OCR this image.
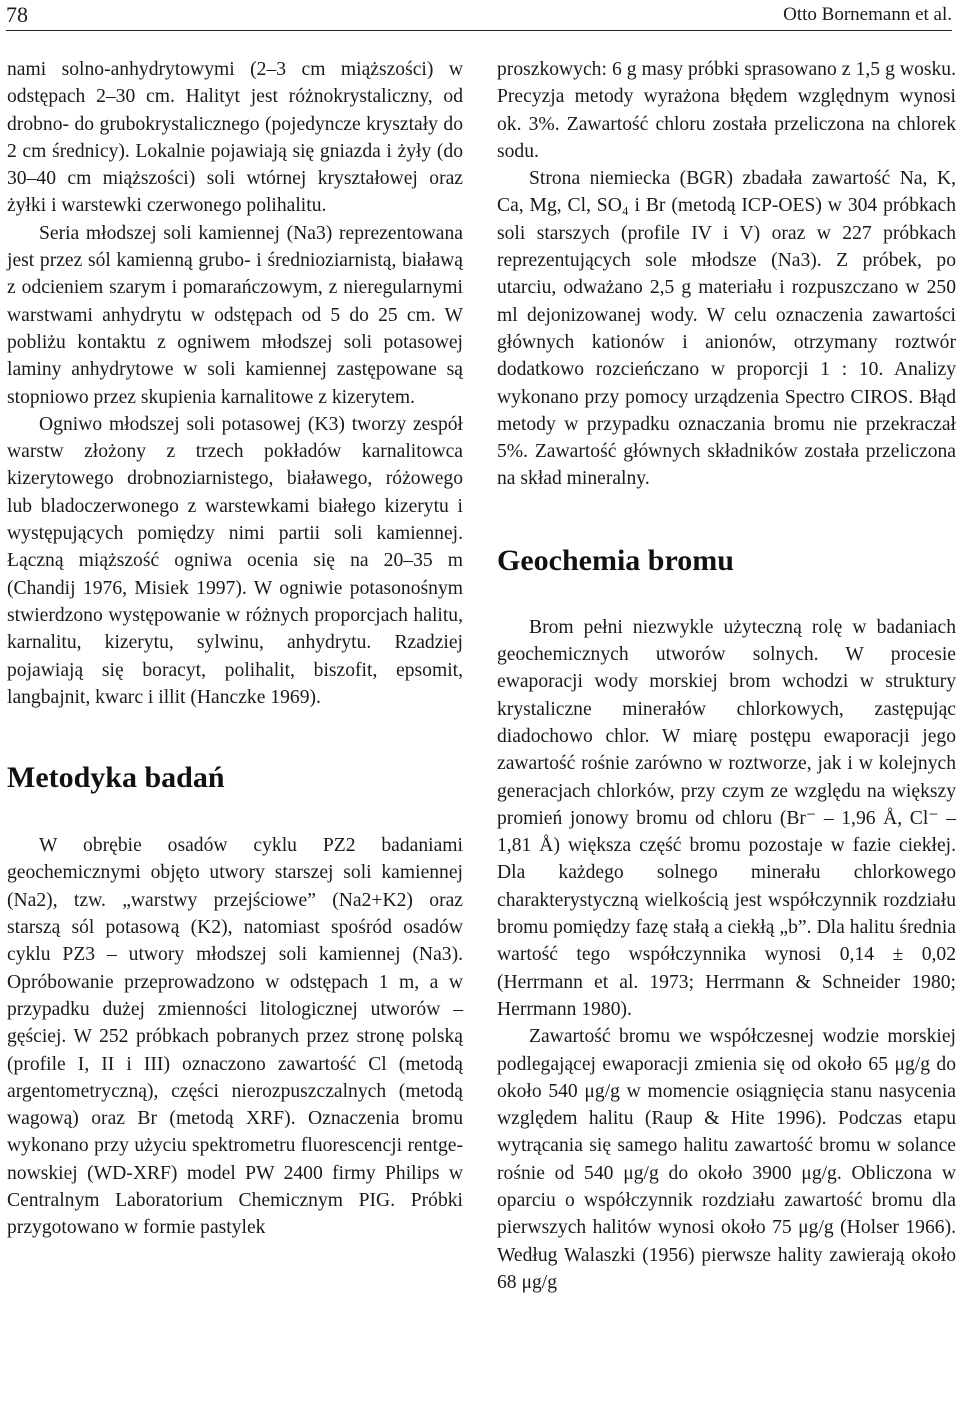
78	Otto Bornemann et al.

nami solno-anhydrytowymi (2–3 cm miąższości) w odstępach 2–30 cm. Halityt jest różnokrystaliczny, od drobno- do grubokrystalicznego (pojedyncze kryształy do 2 cm średnicy). Lokalnie pojawiają się gniazda i żyły (do 30–40 cm miąższości) soli wtórnej kryształowej oraz żyłki i warstewki czerwonego polihalitu.

Seria młodszej soli kamiennej (Na3) reprezentowana jest przez sól kamienną grubo- i średnioziarnistą, białawą z odcieniem szarym i pomarańczowym, z nieregularnymi warstwami anhydrytu w odstępach od 5 do 25 cm. W pobliżu kontaktu z ogniwem młodszej soli potasowej laminy anhydrytowe w soli kamiennej zastępowane są stopniowo przez skupienia karnalitowe z kizerytem.

Ogniwo młodszej soli potasowej (K3) tworzy zespół warstw złożony z trzech pokładów karnalitowca kizerytowego drobnoziarnistego, białawego, różowego lub bladoczerwonego z warstewkami białego kizerytu i występujących pomiędzy nimi partii soli kamiennej. Łączną miąższość ogniwa ocenia się na 20–35 m (Chandij 1976, Misiek 1997). W ogniwie potasonośnym stwierdzono występowanie w różnych proporcjach halitu, karnalitu, kizerytu, sylwinu, anhydrytu. Rzadziej pojawiają się boracyt, polihalit, biszofit, epsomit, langbajnit, kwarc i illit (Hanczke 1969).

Metodyka badań

W obrębie osadów cyklu PZ2 badaniami geochemicznymi objęto utwory starszej soli kamiennej (Na2), tzw. „warstwy przejściowe” (Na2+K2) oraz starszą sól potasową (K2), natomiast spośród osadów cyklu PZ3 – utwory młodszej soli kamiennej (Na3). Opróbowanie przeprowadzono w odstępach 1 m, a w przypadku dużej zmienności litologicznej utworów – gęściej. W 252 próbkach pobranych przez stronę polską (profile I, II i III) oznaczono zawartość Cl (metodą argentometryczną), części nierozpuszczalnych (metodą wagową) oraz Br (metodą XRF). Oznaczenia bromu wykonano przy użyciu spektrometru fluorescencji rentgenowskiej (WD-XRF) model PW 2400 firmy Philips w Centralnym Laboratorium Chemicznym PIG. Próbki przygotowano w formie pastylek

proszkowych: 6 g masy próbki sprasowano z 1,5 g wosku. Precyzja metody wyrażona błędem względnym wynosi ok. 3%. Zawartość chloru została przeliczona na chlorek sodu.

Strona niemiecka (BGR) zbadała zawartość Na, K, Ca, Mg, Cl, SO₄ i Br (metodą ICP-OES) w 304 próbkach soli starszych (profile IV i V) oraz w 227 próbkach reprezentujących sole młodsze (Na3). Z próbek, po utarciu, odważano 2,5 g materiału i rozpuszczano w 250 ml dejonizowanej wody. W celu oznaczenia zawartości głównych kationów i anionów, otrzymany roztwór dodatkowo rozcieńczano w proporcji 1 : 10. Analizy wykonano przy pomocy urządzenia Spectro CIROS. Błąd metody w przypadku oznaczania bromu nie przekraczał 5%. Zawartość głównych składników została przeliczona na skład mineralny.

Geochemia bromu

Brom pełni niezwykle użyteczną rolę w badaniach geochemicznych utworów solnych. W procesie ewaporacji wody morskiej brom wchodzi w struktury krystaliczne minerałów chlorkowych, zastępując diadochowo chlor. W miarę postępu ewaporacji jego zawartość rośnie zarówno w roztworze, jak i w kolejnych generacjach chlorków, przy czym ze względu na większy promień jonowy bromu od chloru (Br⁻ – 1,96 Å, Cl⁻ – 1,81 Å) większa część bromu pozostaje w fazie ciekłej. Dla każdego solnego minerału chlorkowego charakterystyczną wielkością jest współczynnik rozdziału bromu pomiędzy fazę stałą a ciekłą „b”. Dla halitu średnia wartość tego współczynnika wynosi 0,14 ± 0,02 (Herrmann et al. 1973; Herrmann & Schneider 1980; Herrmann 1980).

Zawartość bromu we współczesnej wodzie morskiej podlegającej ewaporacji zmienia się od około 65 μg/g do około 540 μg/g w momencie osiągnięcia stanu nasycenia względem halitu (Raup & Hite 1996). Podczas etapu wytrącania się samego halitu zawartość bromu w solance rośnie od 540 μg/g do około 3900 μg/g. Obliczona w oparciu o współczynnik rozdziału zawartość bromu dla pierwszych halitów wynosi około 75 μg/g (Holser 1966). Według Walaszki (1956) pierwsze hality zawierają około 68 μg/g
